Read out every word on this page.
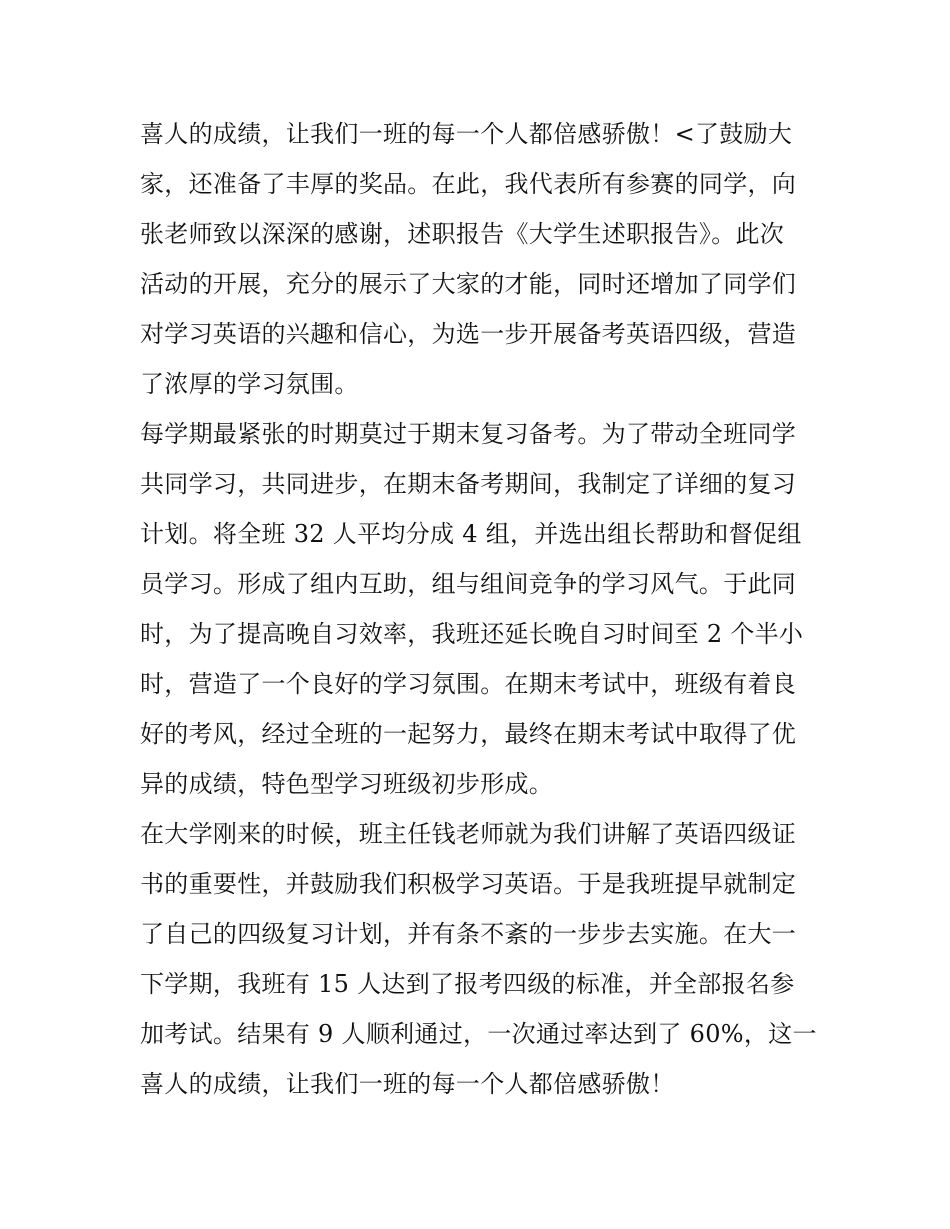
喜人的成绩，让我们一班的每一个人都倍感骄傲！<了鼓励大
家，还准备了丰厚的奖品。在此，我代表所有参赛的同学，向
张老师致以深深的感谢，述职报告《大学生述职报告》。此次
活动的开展，充分的展示了大家的才能，同时还增加了同学们
对学习英语的兴趣和信心，为选一步开展备考英语四级，营造
了浓厚的学习氛围。
每学期最紧张的时期莫过于期末复习备考。为了带动全班同学
共同学习，共同进步，在期末备考期间，我制定了详细的复习
计划。将全班 32 人平均分成 4 组，并选出组长帮助和督促组
员学习。形成了组内互助，组与组间竞争的学习风气。于此同
时，为了提高晚自习效率，我班还延长晚自习时间至 2 个半小
时，营造了一个良好的学习氛围。在期末考试中，班级有着良
好的考风，经过全班的一起努力，最终在期末考试中取得了优
异的成绩，特色型学习班级初步形成。
在大学刚来的时候，班主任钱老师就为我们讲解了英语四级证
书的重要性，并鼓励我们积极学习英语。于是我班提早就制定
了自己的四级复习计划，并有条不紊的一步步去实施。在大一
下学期，我班有 15 人达到了报考四级的标准，并全部报名参
加考试。结果有 9 人顺利通过，一次通过率达到了 60%，这一
喜人的成绩，让我们一班的每一个人都倍感骄傲！
